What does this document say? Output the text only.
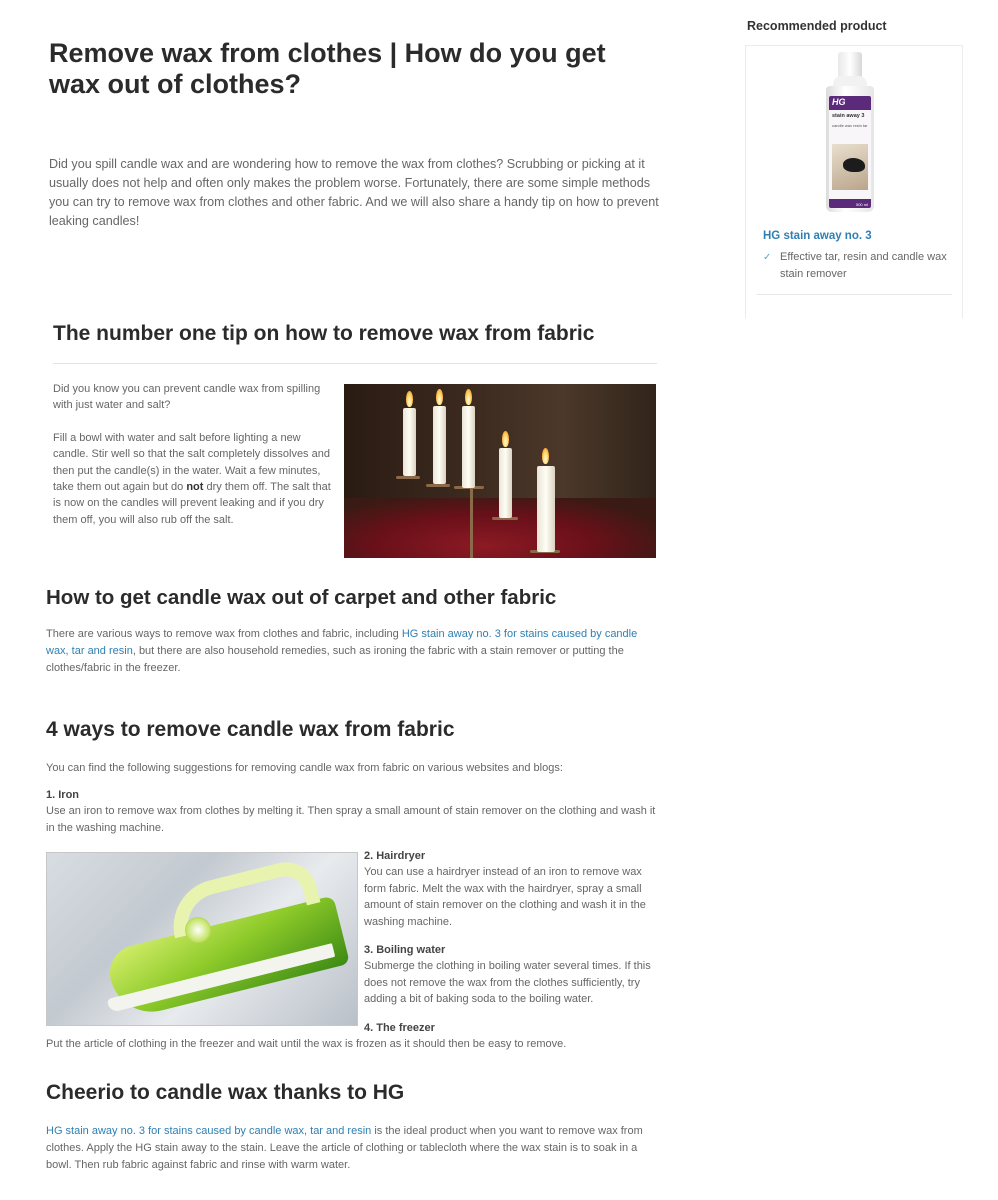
Remove wax from clothes | How do you get wax out of clothes?

Did you spill candle wax and are wondering how to remove the wax from clothes? Scrubbing or picking at it usually does not help and often only makes the problem worse. Fortunately, there are some simple methods you can try to remove wax from clothes and other fabric. And we will also share a handy tip on how to prevent leaking candles!

The number one tip on how to remove wax from fabric

Did you know you can prevent candle wax from spilling with just water and salt?

Fill a bowl with water and salt before lighting a new candle. Stir well so that the salt completely dissolves and then put the candle(s) in the water. Wait a few minutes, take them out again but do not dry them off. The salt that is now on the candles will prevent leaking and if you dry them off, you will also rub off the salt.

How to get candle wax out of carpet and other fabric

There are various ways to remove wax from clothes and fabric, including HG stain away no. 3 for stains caused by candle wax, tar and resin, but there are also household remedies, such as ironing the fabric with a stain remover or putting the clothes/fabric in the freezer.

4 ways to remove candle wax from fabric

You can find the following suggestions for removing candle wax from fabric on various websites and blogs:

1. Iron
Use an iron to remove wax from clothes by melting it. Then spray a small amount of stain remover on the clothing and wash it in the washing machine.
2. Hairdryer
You can use a hairdryer instead of an iron to remove wax form fabric. Melt the wax with the hairdryer, spray a small amount of stain remover on the clothing and wash it in the washing machine.
3. Boiling water
Submerge the clothing in boiling water several times. If this does not remove the wax from the clothes sufficiently, try adding a bit of baking soda to the boiling water.
4. The freezer
Put the article of clothing in the freezer and wait until the wax is frozen as it should then be easy to remove.
Cheerio to candle wax thanks to HG

HG stain away no. 3 for stains caused by candle wax, tar and resin is the ideal product when you want to remove wax from clothes. Apply the HG stain away to the stain. Leave the article of clothing or tablecloth where the wax stain is to soak in a bowl. Then rub fabric against fabric and rinse with warm water.

Recommended product
HG
stain away 3
candle wax resin tar
500 ml
HG stain away no. 3
✓ Effective tar, resin and candle wax stain remover
